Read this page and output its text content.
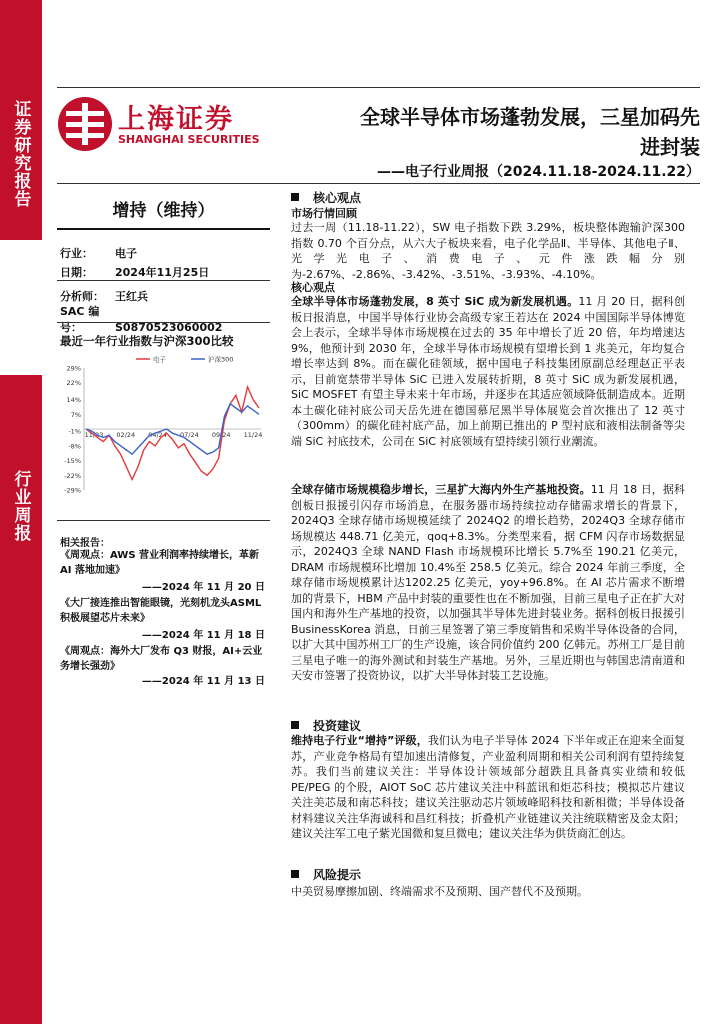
证券研究报告
行业周报
上海证券
SHANGHAI SECURITIES
全球半导体市场蓬勃发展，三星加码先
进封装
——电子行业周报（2024.11.18-2024.11.22）
增持（维持）
行业： 电子
日期： 2024年11月25日
分析师： 王红兵
SAC 编号：	S0870523060002
最近一年行业指数与沪深300比较
29%
22%
14%
7%
-1%
-8%
-15%
-22%
-29%
11/23 02/24 04/24 07/24 09/24 11/24
电子	沪深300
相关报告：
《周观点：AWS 营业利润率持续增长，革新 AI 落地加速》
——2024 年 11 月 20 日
《大厂接连推出智能眼镜，光刻机龙头ASML 积极展望芯片未来》
——2024 年 11 月 18 日
《周观点：海外大厂发布 Q3 财报，AI+云业务增长强劲》
——2024 年 11 月 13 日
核心观点
市场行情回顾
过去一周（11.18-11.22），SW 电子指数下跌 3.29%，板块整体跑输沪深300 指数 0.70 个百分点，从六大子板块来看，电子化学品Ⅱ、半导体、其他电子Ⅱ、光学光电子、消费电子、元件涨跌幅分别为-2.67%、-2.86%、-3.42%、-3.51%、-3.93%、-4.10%。
核心观点
全球半导体市场蓬勃发展，8 英寸 SiC 成为新发展机遇。11 月 20 日，据科创板日报消息，中国半导体行业协会高级专家王若达在 2024 中国国际半导体博览会上表示，全球半导体市场规模在过去的 35 年中增长了近 20 倍，年均增速达 9%，他预计到 2030 年，全球半导体市场规模有望增长到 1 兆美元，年均复合增长率达到 8%。而在碳化硅领域，据中国电子科技集团原副总经理赵正平表示，目前宽禁带半导体 SiC 已进入发展转折期，8 英寸 SiC 成为新发展机遇，SiC MOSFET 有望主导未来十年市场，并逐步在其适应领域降低制造成本。近期本土碳化硅衬底公司天岳先进在德国慕尼黑半导体展览会首次推出了 12 英寸（300mm）的碳化硅衬底产品，加上前期已推出的 P 型衬底和液相法制备等尖端 SiC 衬底技术，公司在 SiC 衬底领域有望持续引领行业潮流。
全球存储市场规模稳步增长，三星扩大海内外生产基地投资。11 月 18 日，据科创板日报援引闪存市场消息，在服务器市场持续拉动存储需求增长的背景下，2024Q3 全球存储市场规模延续了 2024Q2 的增长趋势，2024Q3 全球存储市场规模达 448.71 亿美元，qoq+8.3%。分类型来看，据 CFM 闪存市场数据显示，2024Q3 全球 NAND Flash 市场规模环比增长 5.7%至 190.21 亿美元，DRAM 市场规模环比增加 10.4%至 258.5 亿美元。综合 2024 年前三季度，全球存储市场规模累计达1202.25 亿美元，yoy+96.8%。在 AI 芯片需求不断增加的背景下，HBM 产品中封装的重要性也在不断加强，目前三星电子正在扩大对国内和海外生产基地的投资，以加强其半导体先进封装业务。据科创板日报援引 BusinessKorea 消息，日前三星签署了第三季度销售和采购半导体设备的合同，以扩大其中国苏州工厂的生产设施，该合同价值约 200 亿韩元。苏州工厂是目前三星电子唯一的海外测试和封装生产基地。另外，三星近期也与韩国忠清南道和天安市签署了投资协议，以扩大半导体封装工艺设施。
投资建议
维持电子行业“增持”评级，我们认为电子半导体 2024 下半年或正在迎来全面复苏，产业竞争格局有望加速出清修复，产业盈利周期和相关公司利润有望持续复苏。我们当前建议关注：半导体设计领域部分超跌且具备真实业绩和较低 PE/PEG 的个股，AIOT SoC 芯片建议关注中科蓝讯和炬芯科技；模拟芯片建议关注美芯晟和南芯科技；建议关注驱动芯片领域峰昭科技和新相微；半导体设备材料建议关注华海诚科和昌红科技；折叠机产业链建议关注统联精密及金太阳；建议关注军工电子紫光国微和复旦微电；建议关注华为供货商汇创达。
风险提示
中美贸易摩擦加剧、终端需求不及预期、国产替代不及预期。
